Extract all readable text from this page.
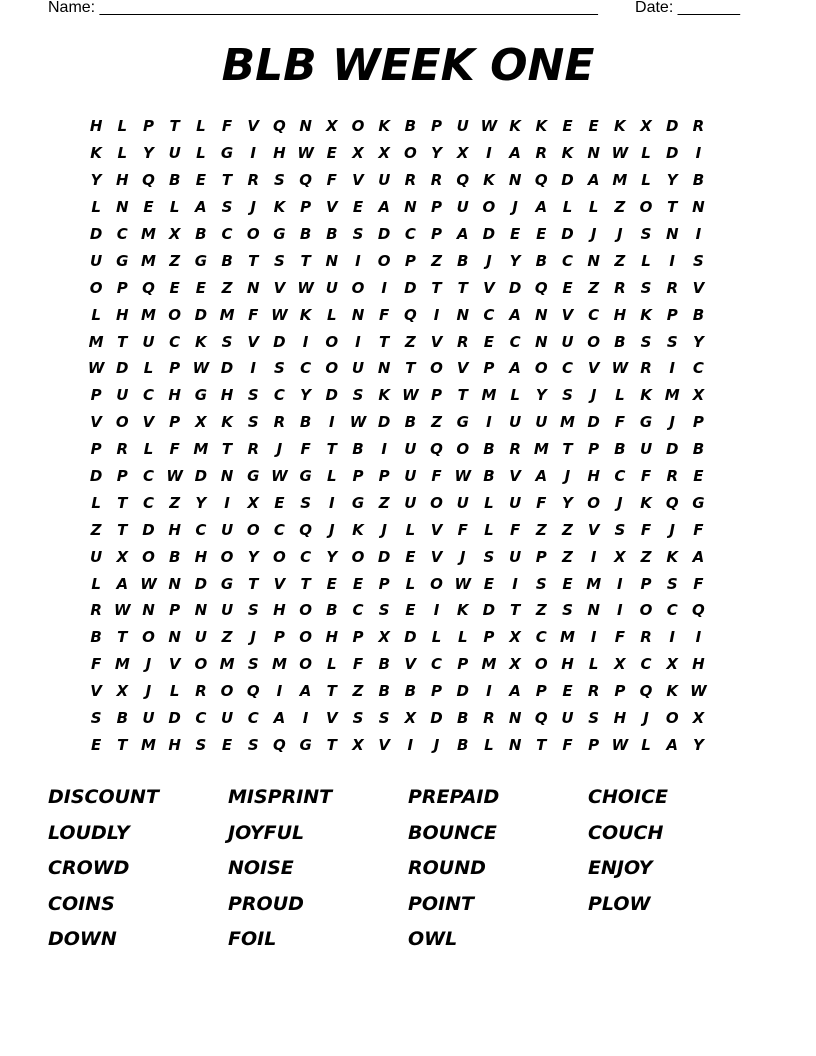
Name: ________________________________________________________ Date: _______
BLB WEEK ONE
H	L	P	T	L	F	V Q N X O K B P U W K K	E	E	K X D R
K	L	Y U	L	G	I	H W E	X X O Y X	I	A R K N W L	D	I
Y H Q B	E	T	R	S Q F	V U R R Q K N Q D A M L	Y	B
L	N E	L	A S	J	K P V	E	A N P U O	J	A	L	L	Z O T N
D C M X B C O G B B	S D C	P A D E	E D	J	J	S N	I
U G M Z G B	T	S	T N	I	O P	Z	B	J	Y	B C N Z	L	I	S
O P Q E	E	Z N V W U O	I	D T	T	V D Q E	Z R	S	R V
L	H M O D M F W K	L	N F Q	I	N C A N V C H K P B
M T U C K S V D	I	O	I	T	Z V R	E	C N U O B	S	S	Y
W D	L	P W D	I	S	C O U N T O V P A O C V W R	I	C
P U C H G H S	C	Y D S K W P	T M L	Y	S	J	L	K M X
V O V P X K S	R B	I	W D B	Z G	I	U U M D F G	J	P
P R	L	F M T	R	J	F	T	B	I	U Q O B R M T	P B U D B
D P	C W D N G W G	L	P	P U F W B V A	J	H C	F	R	E
L	T	C	Z	Y	I	X	E	S	I	G Z U O U	L	U F	Y O	J	K Q G
Z	T D H C U O C Q	J	K	J	L	V	F	L	F	Z	Z V S	F	J	F
U X O B H O Y O C	Y O D E	V	J	S U P	Z	I	X Z K A
L	A W N D G T	V	T	E	E	P	L	O W E	I	S	E M	I	P	S	F
R W N P N U S H O B C	S	E	I	K D T	Z	S N	I	O C Q
B	T O N U Z	J	P O H P X D	L	L	P X C M	I	F	R	I	I
F M	J	V O M S M O	L	F	B V C	P M X O H	L	X C X H
V X	J	L	R O Q	I	A	T	Z	B B P D	I	A P	E	R P Q K W
S	B U D C U C A	I	V S	S X D B R N Q U S H	J	O X
E	T M H S	E	S Q G T	X V	I	J	B	L	N T	F	P W L	A Y
DISCOUNT	MISPRINT	PREPAID	CHOICE
LOUDLY	JOYFUL	BOUNCE	COUCH
CROWD	NOISE	ROUND	ENJOY
COINS	PROUD	POINT	PLOW
DOWN	FOIL	OWL
